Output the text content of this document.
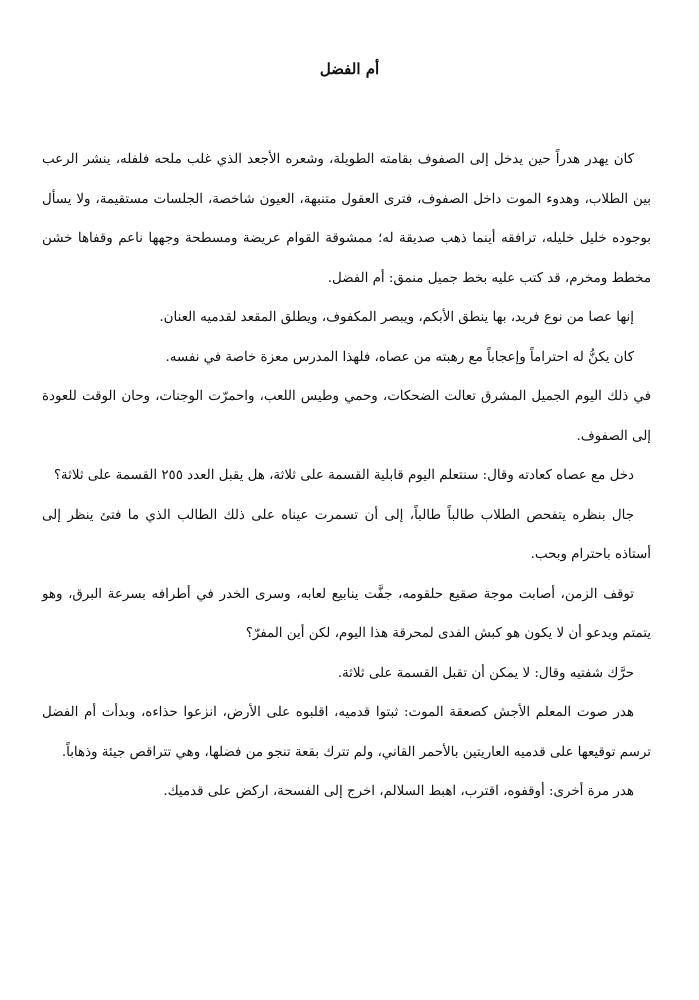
أم الفضل

كان يهدر هدراً حين يدخل إلى الصفوف بقامته الطويلة، وشعره الأجعد الذي غلب ملحه فلفله، ينشر الرعب بين الطلاب، وهدوء الموت داخل الصفوف، فترى العقول متنبهة، العيون شاخصة، الجلسات مستقيمة، ولا يسأل بوجوده خليل خليله، ترافقه أينما ذهب صديقة له؛ ممشوقة القوام عريضة ومسطحة وجهها ناعم وقفاها خشن مخطط ومخرم، قد كتب عليه بخط جميل منمق: أم الفضل.

إنها عصا من نوع فريد، بها ينطق الأبكم، ويبصر المكفوف، ويطلق المقعد لقدميه العنان.

كان يكنُّ له احتراماً وإعجاباً مع رهبته من عصاه، فلهذا المدرس معزة خاصة في نفسه.

في ذلك اليوم الجميل المشرق تعالت الضحكات، وحمي وطيس اللعب، واحمرّت الوجنات، وحان الوقت للعودة إلى الصفوف.

دخل مع عصاه كعادته وقال: سنتعلم اليوم قابلية القسمة على ثلاثة، هل يقبل العدد ٢٥٥ القسمة على ثلاثة؟

جال بنظره يتفحص الطلاب طالباً طالباً، إلى أن تسمرت عيناه على ذلك الطالب الذي ما فتئ ينظر إلى أستاذه باحترام وبحب.

توقف الزمن، أصابت موجة صقيع حلقومه، جفَّت ينابيع لعابه، وسرى الخدر في أطرافه بسرعة البرق، وهو يتمتم ويدعو أن لا يكون هو كبش الفدى لمحرقة هذا اليوم، لكن أين المفرّ؟

حرَّك شفتيه وقال: لا يمكن أن تقبل القسمة على ثلاثة.

هدر صوت المعلم الأجش كصعقة الموت: ثبتوا قدميه، اقلبوه على الأرض، انزعوا حذاءه، وبدأت أم الفضل ترسم توقيعها على قدميه العاريتين بالأحمر القاني، ولم تترك بقعة تنجو من فضلها، وهي تتراقص جيئة وذهاباً.

هدر مرة أخرى: أوقفوه، اقترب، اهبط السلالم، اخرج إلى الفسحة، اركض على قدميك.
